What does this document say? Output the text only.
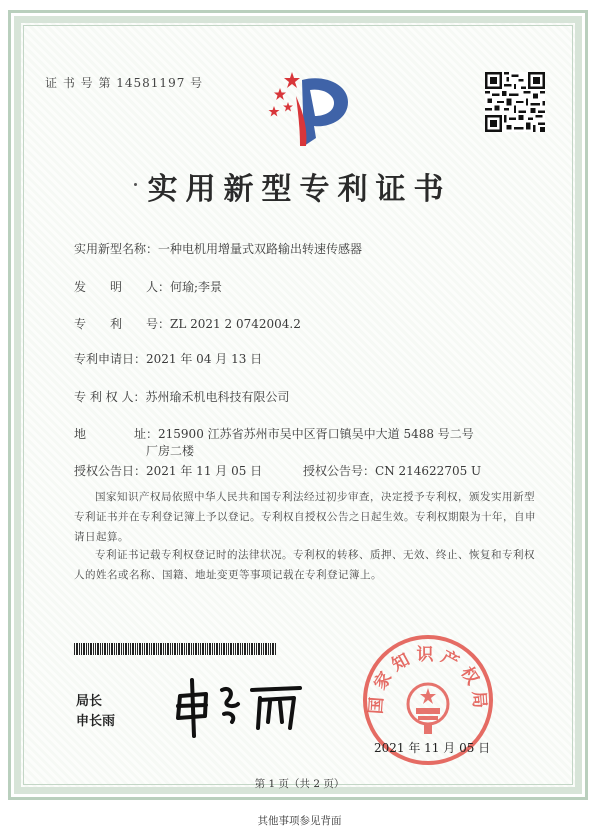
证 书 号 第 14581197 号
实用新型专利证书
实用新型名称：一种电机用增量式双路输出转速传感器
发　　明　　人：何瑜;李景
专　　利　　号：ZL 2021 2 0742004.2
专利申请日：2021 年 04 月 13 日
专 利 权 人：苏州瑜禾机电科技有限公司
地　　　　址：215900 江苏省苏州市吴中区胥口镇吴中大道 5488 号二号
厂房二楼
授权公告日：2021 年 11 月 05 日	授权公告号：CN 214622705 U
国家知识产权局依照中华人民共和国专利法经过初步审查，决定授予专利权，颁发实用新型专利证书并在专利登记簿上予以登记。专利权自授权公告之日起生效。专利权期限为十年，自申请日起算。
专利证书记载专利权登记时的法律状况。专利权的转移、质押、无效、终止、恢复和专利权人的姓名或名称、国籍、地址变更等事项记载在专利登记簿上。
局长
申长雨
国家知识产权局
2021 年 11 月 05 日
第 1 页（共 2 页）
其他事项参见背面
